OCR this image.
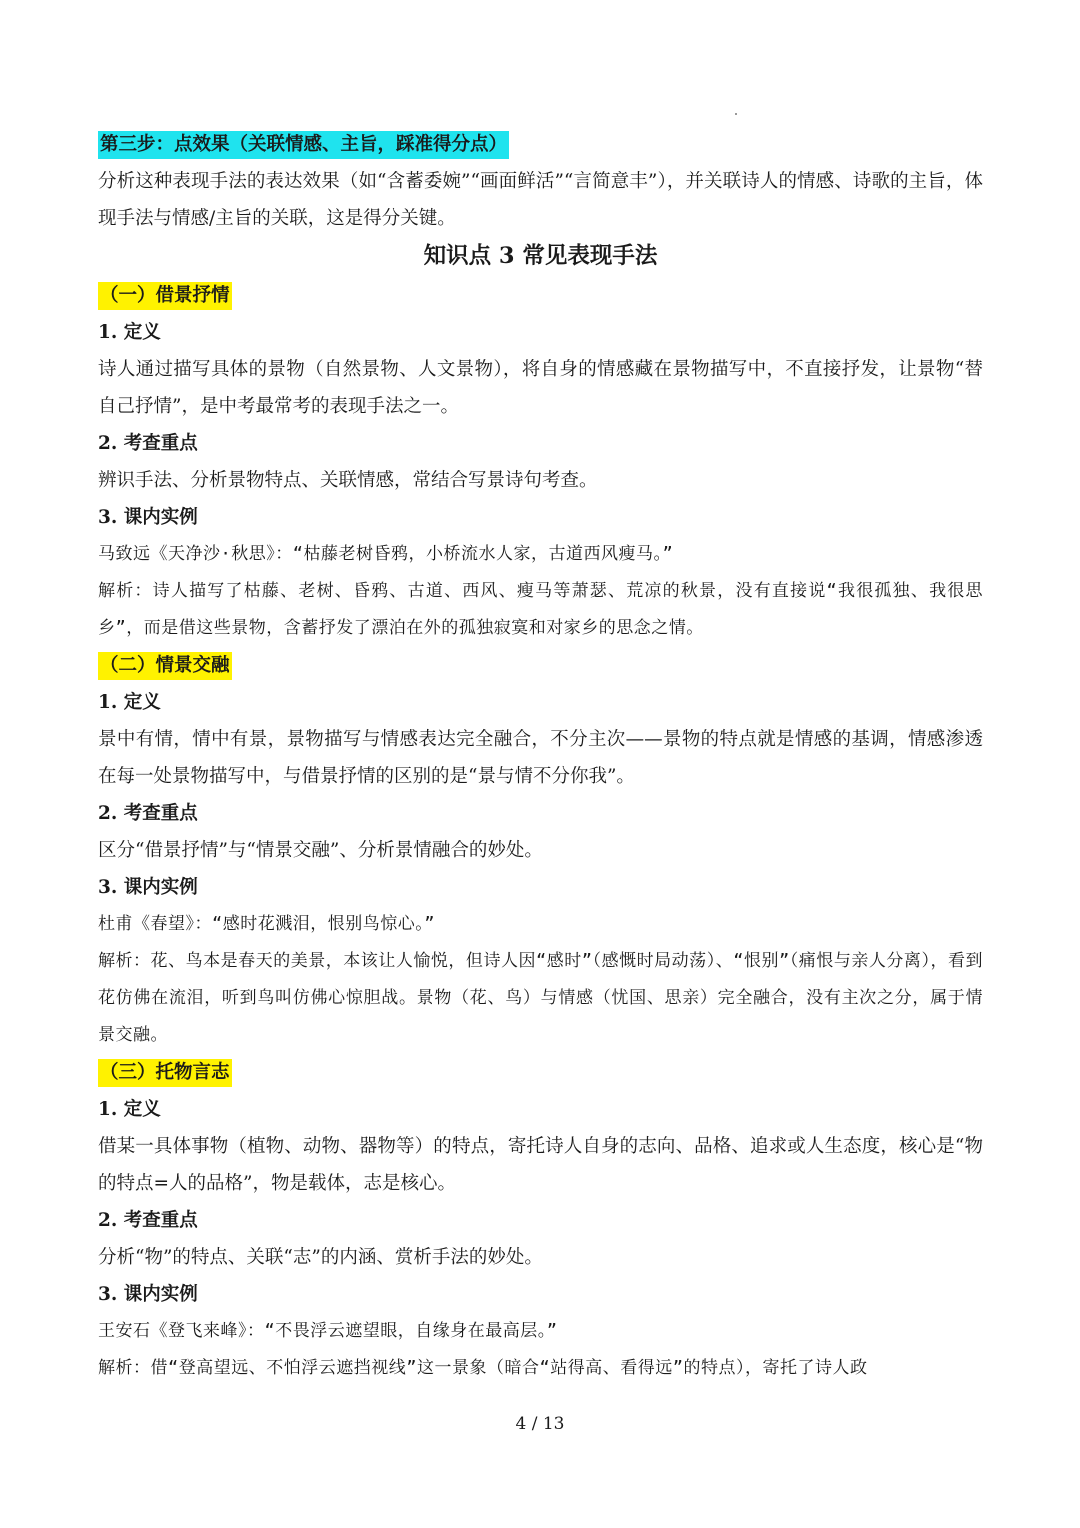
第三步：点效果（关联情感、主旨，踩准得分点）
分析这种表现手法的表达效果（如“含蓄委婉”“画面鲜活”“言简意丰”），并关联诗人的情感、诗歌的主旨，体现手法与情感/主旨的关联，这是得分关键。
知识点 3 常见表现手法
（一）借景抒情
1. 定义
诗人通过描写具体的景物（自然景物、人文景物），将自身的情感藏在景物描写中，不直接抒发，让景物“替自己抒情”，是中考最常考的表现手法之一。
2. 考查重点
辨识手法、分析景物特点、关联情感，常结合写景诗句考查。
3. 课内实例
马致远《天净沙·秋思》：“枯藤老树昏鸦，小桥流水人家，古道西风瘦马。”
解析：诗人描写了枯藤、老树、昏鸦、古道、西风、瘦马等萧瑟、荒凉的秋景，没有直接说“我很孤独、我很思乡”，而是借这些景物，含蓄抒发了漂泊在外的孤独寂寞和对家乡的思念之情。
（二）情景交融
1. 定义
景中有情，情中有景，景物描写与情感表达完全融合，不分主次——景物的特点就是情感的基调，情感渗透在每一处景物描写中，与借景抒情的区别的是“景与情不分你我”。
2. 考查重点
区分“借景抒情”与“情景交融”、分析景情融合的妙处。
3. 课内实例
杜甫《春望》：“感时花溅泪，恨别鸟惊心。”
解析：花、鸟本是春天的美景，本该让人愉悦，但诗人因“感时”（感慨时局动荡）、“恨别”（痛恨与亲人分离），看到花仿佛在流泪，听到鸟叫仿佛心惊胆战。景物（花、鸟）与情感（忧国、思亲）完全融合，没有主次之分，属于情景交融。
（三）托物言志
1. 定义
借某一具体事物（植物、动物、器物等）的特点，寄托诗人自身的志向、品格、追求或人生态度，核心是“物的特点=人的品格”，物是载体，志是核心。
2. 考查重点
分析“物”的特点、关联“志”的内涵、赏析手法的妙处。
3. 课内实例
王安石《登飞来峰》：“不畏浮云遮望眼，自缘身在最高层。”
解析：借“登高望远、不怕浮云遮挡视线”这一景象（暗合“站得高、看得远”的特点），寄托了诗人政
4 / 13
